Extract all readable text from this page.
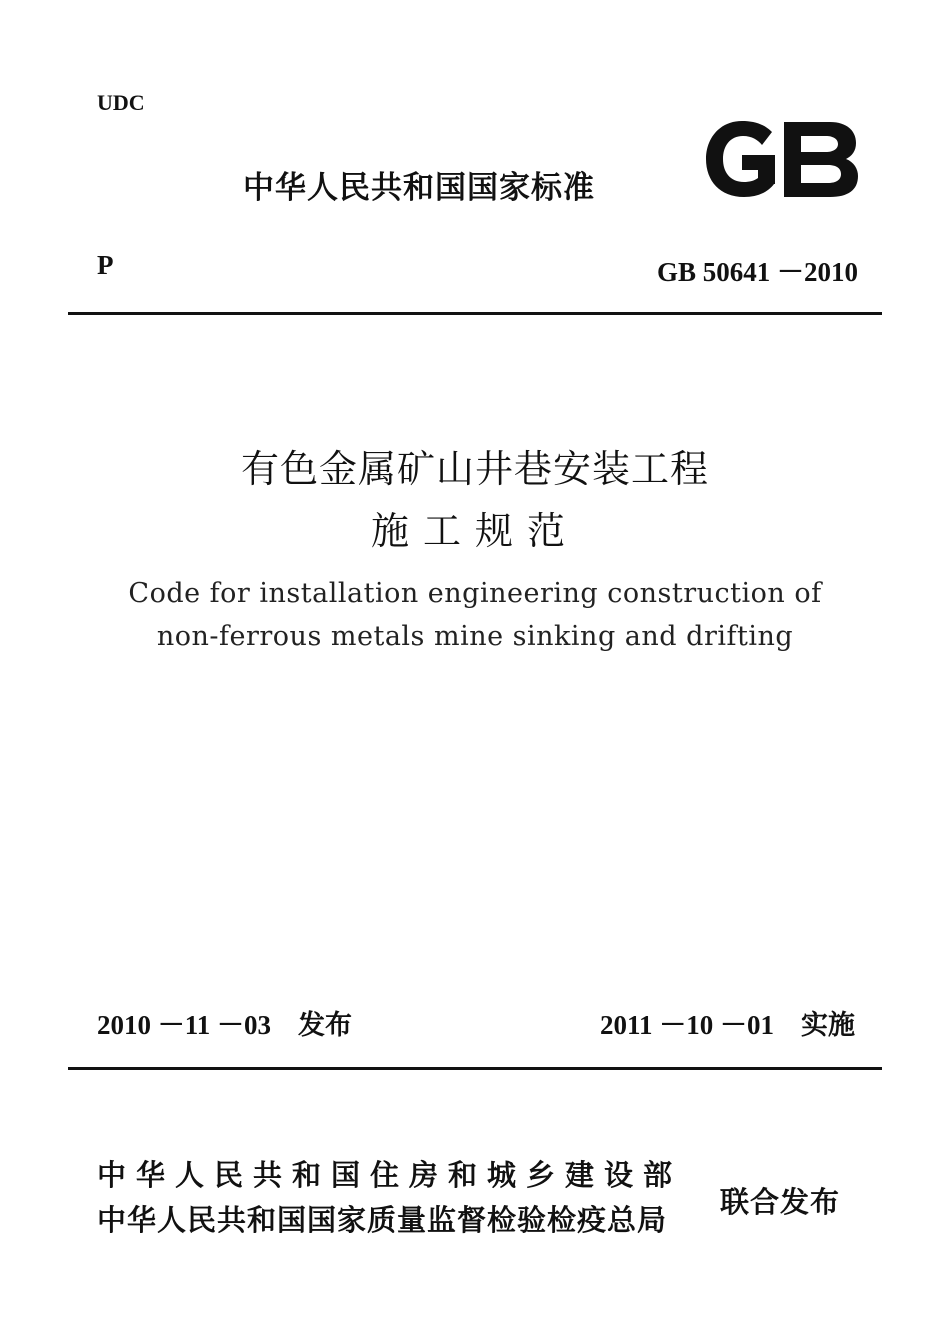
UDC
中华人民共和国国家标准
P	GB 50641 －2010
有色金属矿山井巷安装工程
施工规范
Code for installation engineering construction of
non-ferrous metals mine sinking and drifting
2010 －11 －03　发布	2011 －10 －01　实施
中华人民共和国住房和城乡建设部
中华人民共和国国家质量监督检验检疫总局
联合发布
